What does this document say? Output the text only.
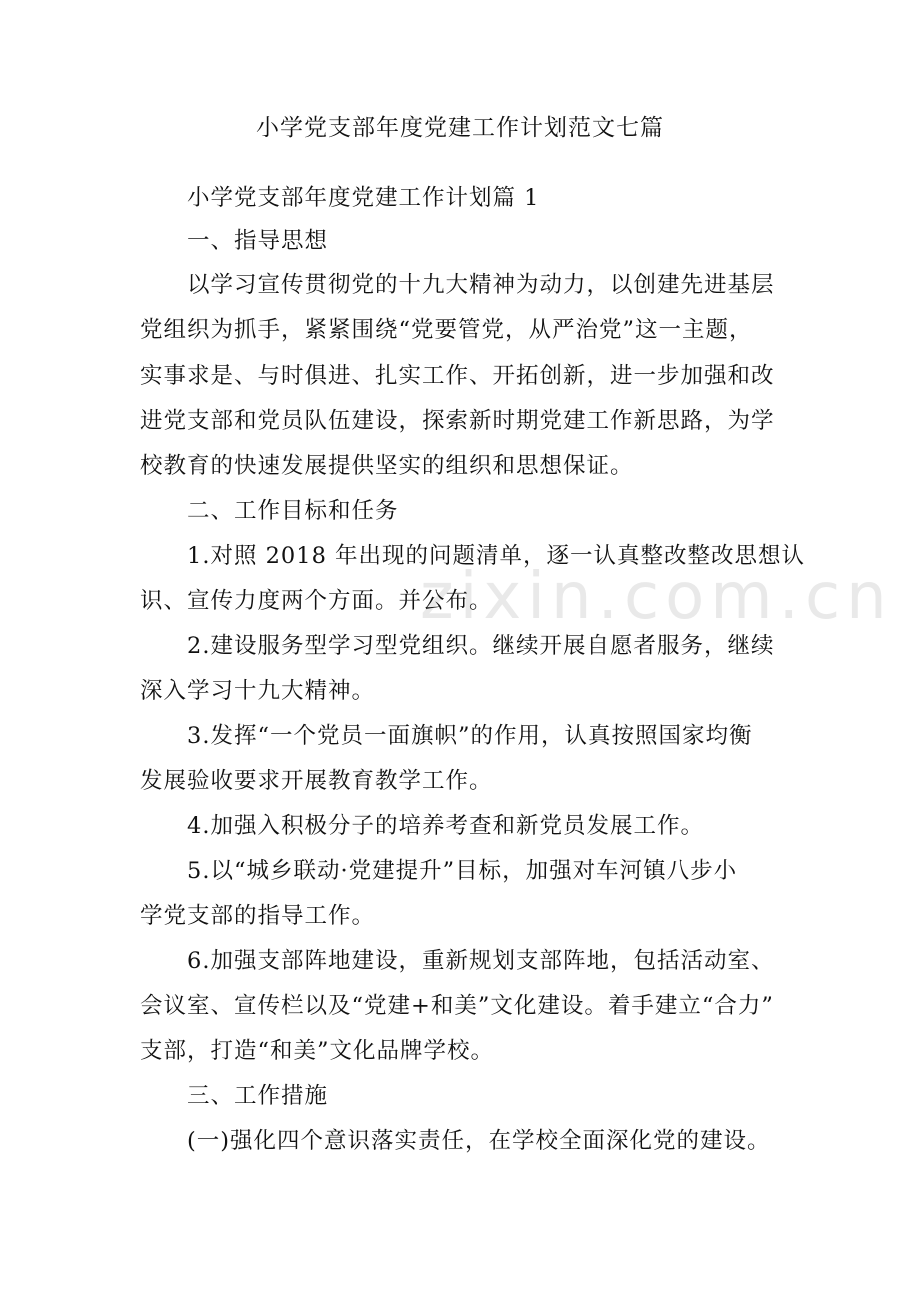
zixin.com.cn
小学党支部年度党建工作计划范文七篇
小学党支部年度党建工作计划篇 1
一、指导思想
以学习宣传贯彻党的十九大精神为动力，以创建先进基层
党组织为抓手，紧紧围绕“党要管党，从严治党”这一主题，
实事求是、与时俱进、扎实工作、开拓创新，进一步加强和改
进党支部和党员队伍建设，探索新时期党建工作新思路，为学
校教育的快速发展提供坚实的组织和思想保证。
二、工作目标和任务
1.对照 2018 年出现的问题清单，逐一认真整改整改思想认
识、宣传力度两个方面。并公布。
2.建设服务型学习型党组织。继续开展自愿者服务，继续
深入学习十九大精神。
3.发挥“一个党员一面旗帜”的作用，认真按照国家均衡
发展验收要求开展教育教学工作。
4.加强入积极分子的培养考查和新党员发展工作。
5.以“城乡联动·党建提升”目标，加强对车河镇八步小
学党支部的指导工作。
6.加强支部阵地建设，重新规划支部阵地，包括活动室、
会议室、宣传栏以及“党建+和美”文化建设。着手建立“合力”
支部，打造“和美”文化品牌学校。
三、工作措施
(一)强化四个意识落实责任，在学校全面深化党的建设。
